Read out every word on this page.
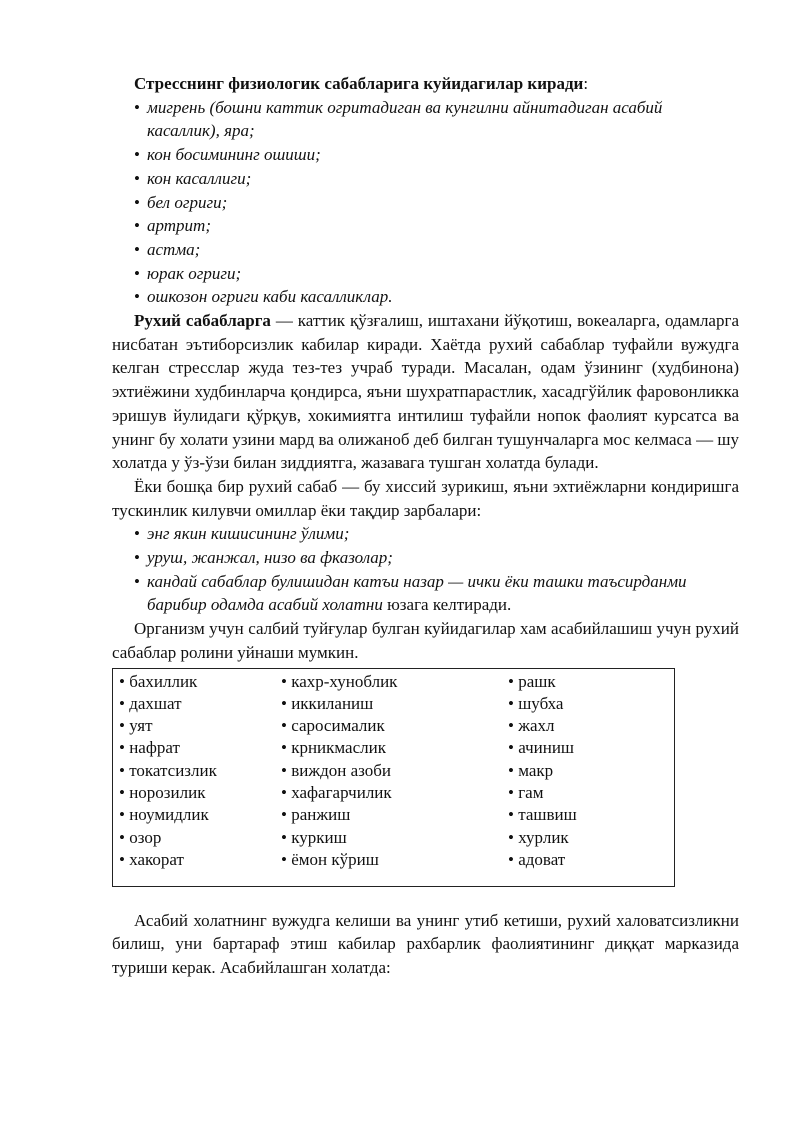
Стресснинг физиологик сабабларига куйидагилар киради:

• мигрень (бошни каттик огритадиган ва кунгилни айнитадиган асабий касаллик), яра;
• кон босимининг ошиши;
• кон касаллиги;
• бел огриги;
• артрит;
• астма;
• юрак огриги;
• ошкозон огриги каби касалликлар.

Рухий сабабларга — каттик қўзғалиш, иштахани йўқотиш, вокеаларга, одамларга нисбатан эътиборсизлик кабилар киради. Хаётда рухий сабаблар туфайли вужудга келган стресслар жуда тез-тез учраб туради. Масалан, одам ўзининг (худбинона) эхтиёжини худбинларча қондирса, яъни шухратпарастлик, хасадгўйлик фаровонликка эришув йулидаги қўрқув, хокимиятга интилиш туфайли нопок фаолият курсатса ва унинг бу холати узини мард ва олижаноб деб билган тушунчаларга мос келмаса — шу холатда у ўз-ўзи билан зиддиятга, жазавага тушган холатда булади.

Ёки бошқа бир рухий сабаб — бу хиссий зурикиш, яъни эхтиёжларни кондиришга тускинлик килувчи омиллар ёки тақдир зарбалари:

• энг якин кишисининг ўлими;
• уруш, жанжал, низо ва фказолар;
• кандай сабаблар булишидан катъи назар — ички ёки ташки таъсирданми барибир одамда асабий холатни юзага келтиради.

Организм учун салбий туйғулар булган куйидагилар хам асабийлашиш учун рухий сабаблар ролини уйнаши мумкин.

• бахиллик
• дахшат
• уят
• нафрат
• токатсизлик
• норозилик
• ноумидлик
• озор
• хакорат
• кахр-хуноблик
• иккиланиш
• саросималик
• крникмаслик
• виждон азоби
• хафагарчилик
• ранжиш
• куркиш
• ёмон кўриш
• рашк
• шубха
• жахл
• ачиниш
• макр
• гам
• ташвиш
• хурлик
• адоват

Асабий холатнинг вужудга келиши ва унинг утиб кетиши, рухий халоватсизликни билиш, уни бартараф этиш кабилар рахбарлик фаолиятининг диққат марказида туриши керак. Асабийлашган холатда:
